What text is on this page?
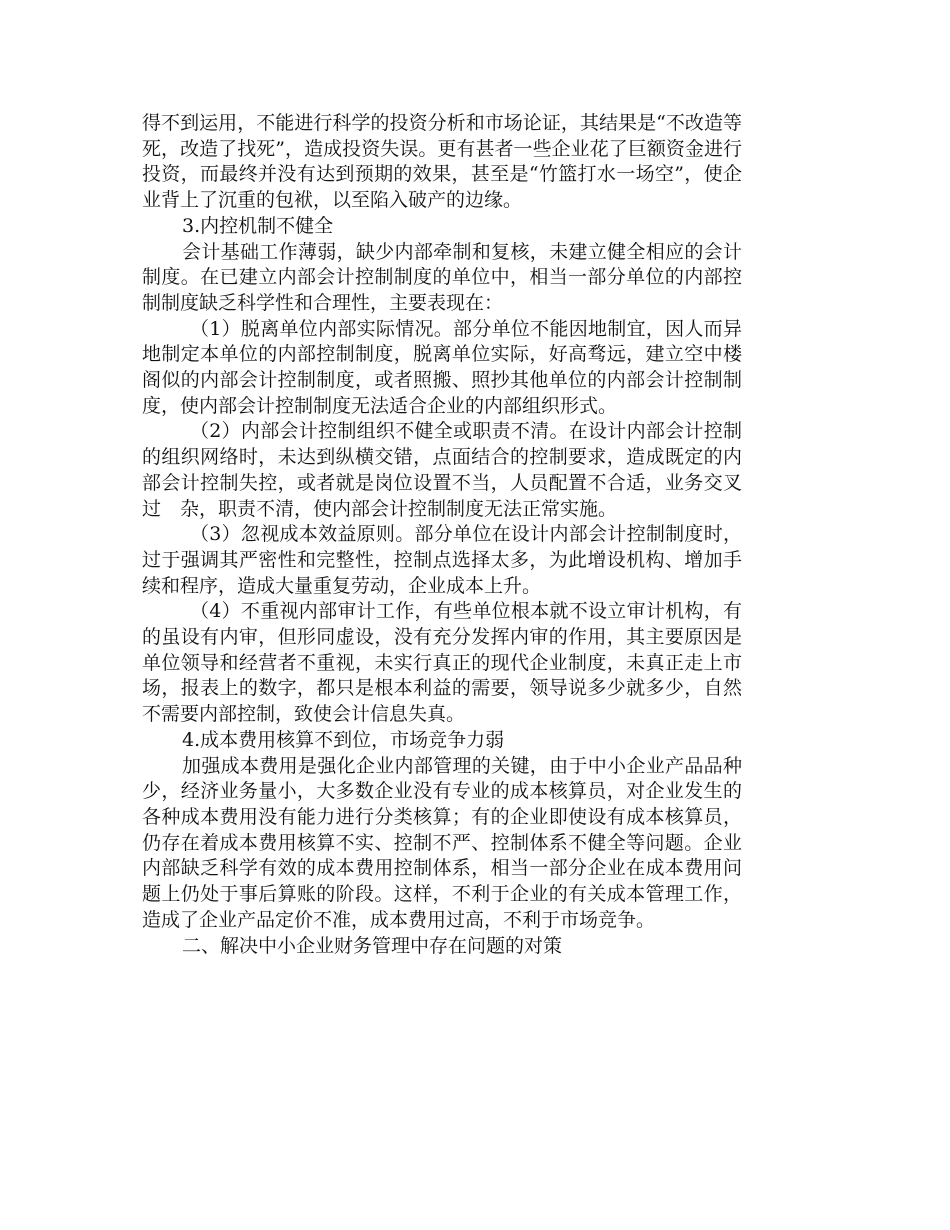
得不到运用，不能进行科学的投资分析和市场论证，其结果是“不改造等死，改造了找死”，造成投资失误。更有甚者一些企业花了巨额资金进行投资，而最终并没有达到预期的效果，甚至是“竹篮打水一场空”，使企业背上了沉重的包袱，以至陷入破产的边缘。

3.内控机制不健全

会计基础工作薄弱，缺少内部牵制和复核，未建立健全相应的会计制度。在已建立内部会计控制制度的单位中，相当一部分单位的内部控制制度缺乏科学性和合理性，主要表现在：

（1）脱离单位内部实际情况。部分单位不能因地制宜，因人而异地制定本单位的内部控制制度，脱离单位实际，好高骛远，建立空中楼阁似的内部会计控制制度，或者照搬、照抄其他单位的内部会计控制制度，使内部会计控制制度无法适合企业的内部组织形式。

（2）内部会计控制组织不健全或职责不清。在设计内部会计控制的组织网络时，未达到纵横交错，点面结合的控制要求，造成既定的内部会计控制失控，或者就是岗位设置不当，人员配置不合适，业务交叉过　杂，职责不清，使内部会计控制制度无法正常实施。

（3）忽视成本效益原则。部分单位在设计内部会计控制制度时，过于强调其严密性和完整性，控制点选择太多，为此增设机构、增加手续和程序，造成大量重复劳动，企业成本上升。

（4）不重视内部审计工作，有些单位根本就不设立审计机构，有的虽设有内审，但形同虚设，没有充分发挥内审的作用，其主要原因是单位领导和经营者不重视，未实行真正的现代企业制度，未真正走上市场，报表上的数字，都只是根本利益的需要，领导说多少就多少，自然不需要内部控制，致使会计信息失真。

4.成本费用核算不到位，市场竞争力弱

加强成本费用是强化企业内部管理的关键，由于中小企业产品品种少，经济业务量小，大多数企业没有专业的成本核算员，对企业发生的各种成本费用没有能力进行分类核算；有的企业即使设有成本核算员，仍存在着成本费用核算不实、控制不严、控制体系不健全等问题。企业内部缺乏科学有效的成本费用控制体系，相当一部分企业在成本费用问题上仍处于事后算账的阶段。这样，不利于企业的有关成本管理工作，造成了企业产品定价不准，成本费用过高，不利于市场竞争。

二、解决中小企业财务管理中存在问题的对策
